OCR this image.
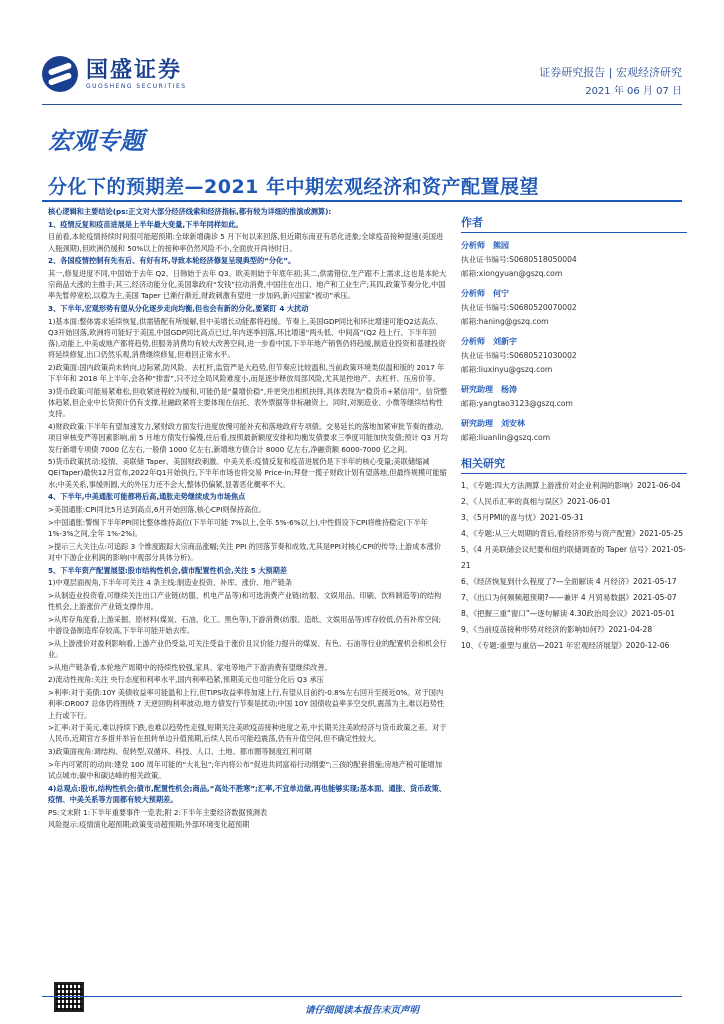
国盛证券
GUOSHENG SECURITIES
证券研究报告 | 宏观经济研究
2021 年 06 月 07 日
宏观专题
分化下的预期差—2021 年中期宏观经济和资产配置展望

核心逻辑和主要结论(ps:正文对大部分经济线索和经济指标,都有较为详细的推演或测算):

1、疫情反复和疫苗进展是上半年最大变量,下半年同样如此。

目前看,本轮疫情持续时间很可能超预期:全球新增确诊 5 月下旬以来回落,但近期东南亚有恶化迹象;全球疫苗接种提速(美国进入瓶颈期),但欧洲仍缓和 50%以上的接种率仍然风险不小,全面放开尚待时日。

2、各国疫情控制有先有后、有好有坏,导致本轮经济修复呈现典型的“分化”。

其一,修复进度不同,中国始于去年 Q2、日韩始于去年 Q3、欧美则始于年底年初;其二,供需错位,生产跟不上需求,这也是本轮大宗商品大涨的主推手;其三,经济动能分化,美国靠政府“发钱”拉动消费,中国往在出口、地产和工业生产;其四,政策节奏分化,中国率先暂停宽松,以稳为主,美国 Taper 已渐行渐近,财政刺激有望进一步加码,新兴国家“被动”承压。

3、下半年,宏观形势有望从分化逐步走向均衡,但也会有新的分化,要紧盯 4 大扰动

1)基本面:整体需求延续恢复,供需错配有所缓解,但中美增长动能都将趋缓。节奏上,美国GDP同比和环比增速可能Q2达高点、Q3开始回落,欧洲将可能好于美国,中国GDP同比高点已过,年内逐季回落,环比增速“两头低、中间高”(Q2 趋上行、下半年回落),动能上,中美或地产都将趋势,但服务消费均有较大改善空间,进一步看中国,下半年地产销售仍将趋缓,制造业投资和基建投资将延续修复,出口仍然乐观,消费继续修复,但难回正常水平。

2)政策面:国内政策尚未转向,边际紧,防风险、去杠杆,监管严是大趋势,但节奏应比较温和,当前政策环境类似温和版的 2017 年下半年和 2018 年上半年,会各种“排雷”,只不过全局风险难度小,而是逐步释放局部风险,尤其是控地产、去杠杆、压房价等。

3)货币政策:可能易紧难松,但收紧进程较为缓和,可能仍是“量增价稳”,并更突出相机抉择,具体表现为“稳货币+紧信用”。信贷整体趋紧,但企业中长贷预计仍有支撑,社融政紧将主要体现在信托、表外票据等非标融资上。同时,对制造业、小微等继续结构性支持。

4)财政政策:下半年有望加速发力,紧财政方面发行进度放慢可能补充和落地政府专项债。交易延长的落地加紧审批节奏的推动,项目审核变严等因素影响,前 5 月地方债发行偏慢,往后看,按照最新额度安排和均衡发债要求三季度可能加快发债;预计 Q3 月均发行新增专项债 7000 亿左右,一般债 1000 亿左右,新增地方债合计 8000 亿左右,净融资额 6000-7000 亿之间。

5)货币政策扰动:疫情、美联储 Taper、美国财政刺激。中美关系:疫情反复和疫苗进展仍是下半年的核心变量;美联储缩减QE(Taper)最快12月宣布,2022年Q1开始执行,下半年市场也将交易 Price-in;拜登一揽子财政计划有望落地,但最终规模可能缩水;中美关系,事缓则圆,大的外压力还不会大,整体仍偏紧,显著恶化概率不大。

4、下半年,中美通胀可能都将后高,通胀走势继续成为市场焦点

>美国通胀:CPI同比5月达到高点,6月开始回落,核心CPI则保持高位。

>中国通胀:警惕下半年PPI同比整体维持高位(下半年可能 7%以上,全年 5%-6%以上),中性假设下CPI将维持稳定(下半年 1%-3%之间,全年 1%-2%)。

>提示三大关注点:可追踪 3 个维度跟踪大宗商品涨幅;关注 PPI 的回落节奏和成效,尤其是PPI对核心CPI的传导;上游成本涨价对中下游企业利润的影响(中观部分具体分析)。

5、下半年资产配置展望:股市结构性机会,债市配置性机会,关注 5 大预期差

1)中观层面视角,下半年可关注 4 条主线:制造业投资、补库、涨价、地产链条

>从制造业投资看,可继续关注出口产业链(纺服、机电产品等)和可选消费产业链(纺服、文娱用品、印刷、饮料制造等)的结构性机会,上游涨价产业链支撑作用。

>从库存角度看,上游采掘、原材料(煤炭、石油、化工、黑色等),下游消费(纺服、造纸、文娱用品等)库存较低,仍有补库空间;中游设备制造库存较高,下半年可能开始去库。

>从上游涨价对盈利影响看,上游产业仍受益,可关注受益于涨价且议价能力提升的煤炭、有色、石油等行业的配置机会和机会行业。

>从地产链条看,本轮地产周期中的持续性较强,家具、家电等地产下游消费有望继续改善。

2)流动性视角:关注 央行态度和利率水平,国内利率趋紧,预期美元也可能分化后 Q3 承压

>利率:对于美债:10Y 美债收益率可能温和上行,但TIPS收益率将加速上行,有望从目前约-0.8%左右回升至接近0%。对于国内利率:DR007 总体仍将围绕 7 天逆回购利率波动,地方债发行节奏是扰动;中国 10Y 国债收益率多空交织,震荡为主,难以趋势性上行或下行。

>汇率:对于美元,难以持续下跌,也难以趋势性走强,短期关注美欧疫苗接种进度之差,中长期关注美欧经济与货币政策之差。对于人民币,近期官方多措并举旨在扭转单边升值预期,后续人民币可能趋震荡,仍有升值空间,但不确定性较大。

3)政策面视角:调结构、促转型,双循环、科技、人口、土地、都市圈等制度红利可期

>年内可紧盯的动向:建党 100 周年可能的“大礼包”;年内将公布“促进共同富裕行动纲要”;三孩的配套措施;房地产税可能增加试点城市;碳中和碳达峰的相关政策。

4)总观点:股市,结构性机会;债市,配置性机会;商品,“高处不胜寒”;汇率,不宜单边做,再也能够实现;基本面、通胀、货币政策、疫情、中美关系等方面都有较大预期差。

PS:文末附 1:下半年重要事件一览表;附 2:下半年主要经济数据预测表

风险提示:疫情演化超预期;政策变动超预期;外部环境变化超预期

作者
分析师 熊园
执业证书编号:S0680518050004
邮箱:xiongyuan@gszq.com
分析师 何宁
执业证书编号:S0680520070002
邮箱:haning@gszq.com
分析师 刘新宇
执业证书编号:S0680521030002
邮箱:liuxinyu@gszq.com
研究助理 杨涛
邮箱:yangtao3123@gszq.com
研究助理 刘安林
邮箱:liuanlin@gszq.com
相关研究
1、《专题:四大方法测算上游涨价对企业利润的影响》2021-06-04
2、《人民币汇率的真相与误区》2021-06-01
3、《5月PMI的喜与忧》2021-05-31
4、《专题:从三大周期的背后,看经济形势与资产配置》2021-05-25
5、《4 月美联储会议纪要和纽约联储调查的 Taper 信号》2021-05-21
6、《经济恢复到什么程度了?—全面解读 4 月经济》2021-05-17
7、《出口为何频频超预期?——兼评 4 月贸易数据》2021-05-07
8、《把握三重“窗口”—逐句解读 4.30政治局会议》2021-05-01
9、《当前疫苗接种形势对经济的影响如何?》2021-04-28
10、《专题:重塑与重估—2021 年宏观经济展望》2020-12-06
请仔细阅读本报告末页声明
